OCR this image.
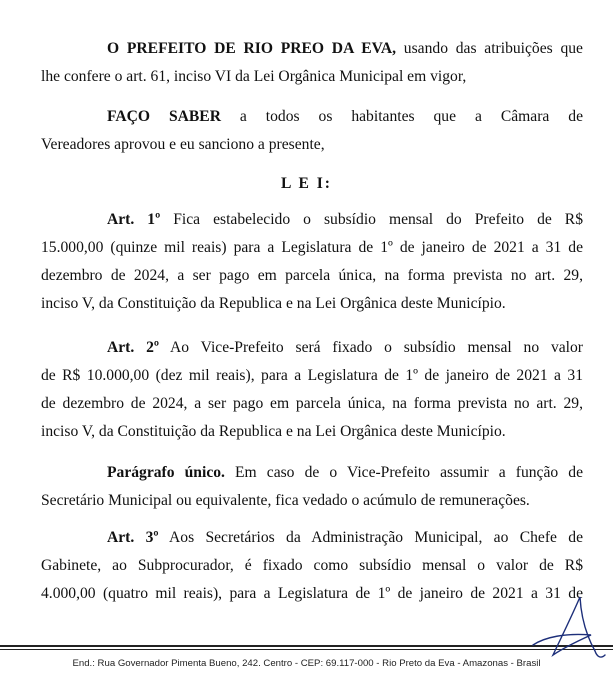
O PREFEITO DE RIO PREO DA EVA, usando das atribuições que
lhe confere o art. 61, inciso VI da Lei Orgânica Municipal em vigor,
FAÇO SABER a todos os habitantes que a Câmara de
Vereadores aprovou e eu sanciono a presente,
L E I:
Art. 1º Fica estabelecido o subsídio mensal do Prefeito de R$
15.000,00 (quinze mil reais) para a Legislatura de 1º de janeiro de 2021 a 31 de
dezembro de 2024, a ser pago em parcela única, na forma prevista no art. 29,
inciso V, da Constituição da Republica e na Lei Orgânica deste Município.
Art. 2º Ao Vice-Prefeito será fixado o subsídio mensal no valor
de R$ 10.000,00 (dez mil reais), para a Legislatura de 1º de janeiro de 2021 a 31
de dezembro de 2024, a ser pago em parcela única, na forma prevista no art. 29,
inciso V, da Constituição da Republica e na Lei Orgânica deste Município.
Parágrafo único. Em caso de o Vice-Prefeito assumir a função de
Secretário Municipal ou equivalente, fica vedado o acúmulo de remunerações.
Art. 3º Aos Secretários da Administração Municipal, ao Chefe de
Gabinete, ao Subprocurador, é fixado como subsídio mensal o valor de R$
4.000,00 (quatro mil reais), para a Legislatura de 1º de janeiro de 2021 a 31 de
End.: Rua Governador Pimenta Bueno, 242. Centro - CEP: 69.117-000 - Rio Preto da Eva - Amazonas - Brasil
